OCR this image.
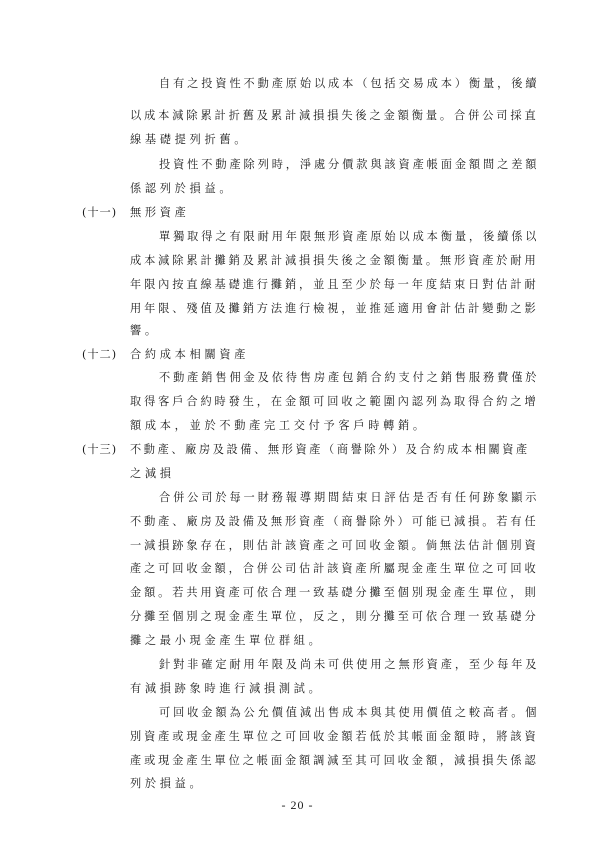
自有之投資性不動產原始以成本（包括交易成本）衡量，後續
以成本減除累計折舊及累計減損損失後之金額衡量。合併公司採直
線基礎提列折舊。
投資性不動產除列時，淨處分價款與該資產帳面金額間之差額
係認列於損益。
(十一) 無形資產
單獨取得之有限耐用年限無形資產原始以成本衡量，後續係以
成本減除累計攤銷及累計減損損失後之金額衡量。無形資產於耐用
年限內按直線基礎進行攤銷，並且至少於每一年度結束日對估計耐
用年限、殘值及攤銷方法進行檢視，並推延適用會計估計變動之影
響。
(十二) 合約成本相關資產
不動產銷售佣金及依待售房產包銷合約支付之銷售服務費僅於
取得客戶合約時發生，在金額可回收之範圍內認列為取得合約之增
額成本，並於不動產完工交付予客戶時轉銷。
(十三) 不動產、廠房及設備、無形資產（商譽除外）及合約成本相關資產
之減損
合併公司於每一財務報導期間結束日評估是否有任何跡象顯示
不動產、廠房及設備及無形資產（商譽除外）可能已減損。若有任
一減損跡象存在，則估計該資產之可回收金額。倘無法估計個別資
產之可回收金額，合併公司估計該資產所屬現金產生單位之可回收
金額。若共用資產可依合理一致基礎分攤至個別現金產生單位，則
分攤至個別之現金產生單位，反之，則分攤至可依合理一致基礎分
攤之最小現金產生單位群組。
針對非確定耐用年限及尚未可供使用之無形資產，至少每年及
有減損跡象時進行減損測試。
可回收金額為公允價值減出售成本與其使用價值之較高者。個
別資產或現金產生單位之可回收金額若低於其帳面金額時，將該資
產或現金產生單位之帳面金額調減至其可回收金額，減損損失係認
列於損益。
- 20 -
